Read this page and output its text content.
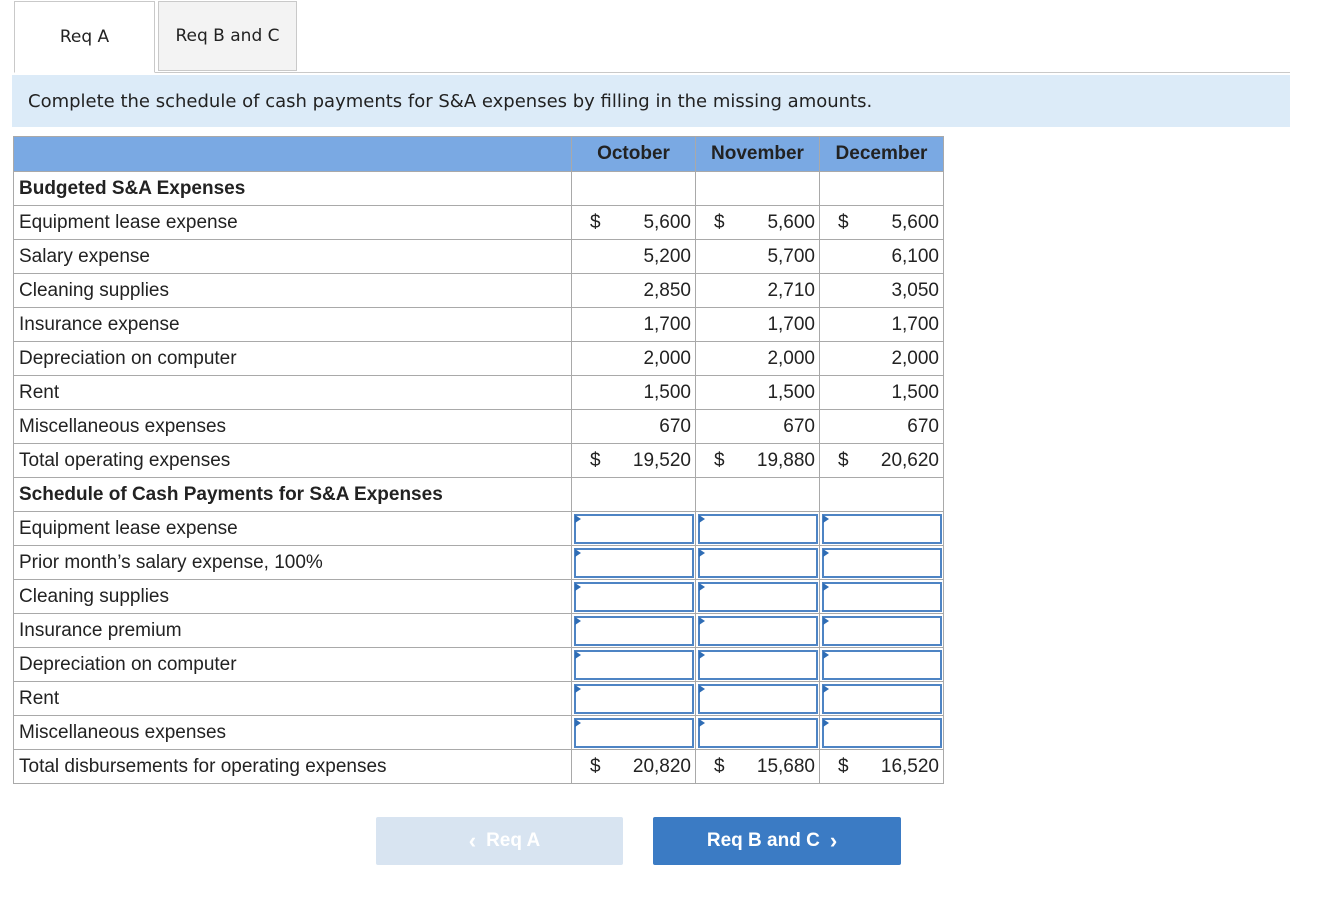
Req A	Req B and C
Complete the schedule of cash payments for S&A expenses by filling in the missing amounts.
	October	November	December
Budgeted S&A Expenses			
Equipment lease expense	$ 5,600	$ 5,600	$ 5,600

Salary expense	5,200	5,700	6,100

Cleaning supplies	2,850	2,710	3,050

Insurance expense	1,700	1,700	1,700

Depreciation on computer	2,000	2,000	2,000

Rent	1,500	1,500	1,500

Miscellaneous expenses	670	670	670

Total operating expenses	$ 19,520	$ 19,880	$ 20,620

Schedule of Cash Payments for S&A Expenses			
Equipment lease expense	

Prior month’s salary expense, 100%	

Cleaning supplies	

Insurance premium	

Depreciation on computer	

Rent	

Miscellaneous expenses	

Total disbursements for operating expenses	$ 20,820	$ 15,680	$ 16,520
‹ Req A	Req B and C ›
